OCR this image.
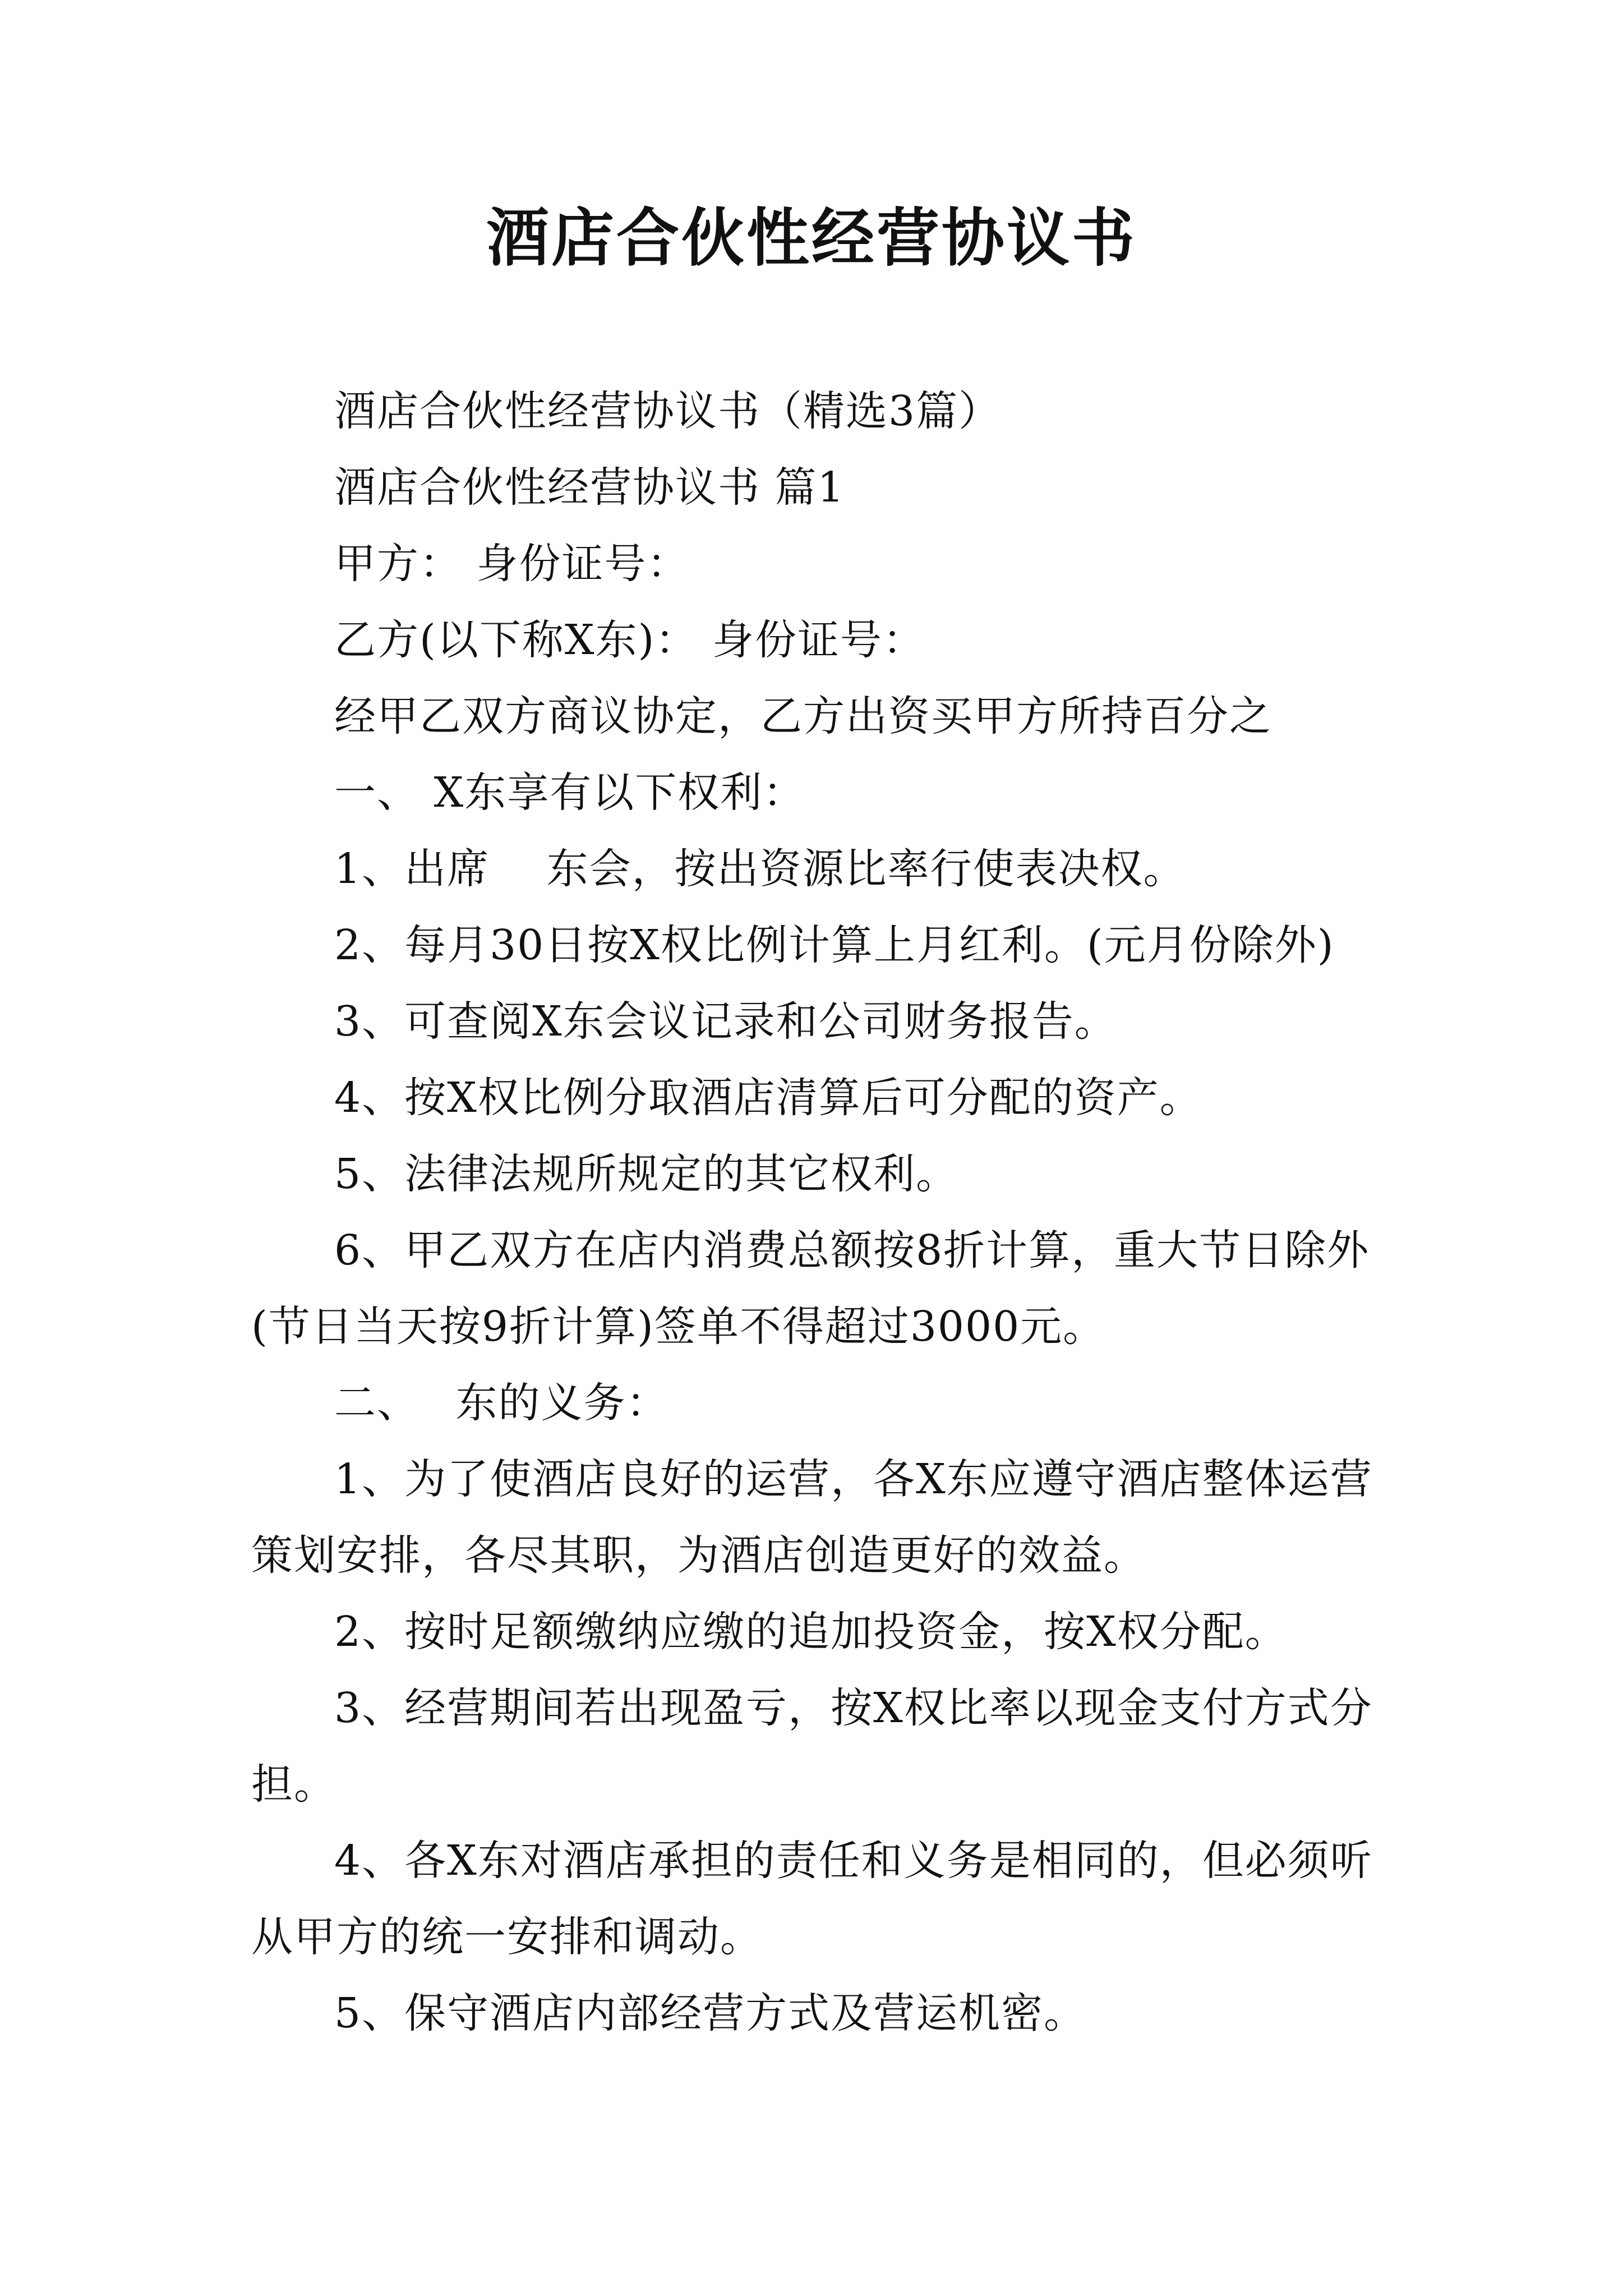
酒店合伙性经营协议书

酒店合伙性经营协议书（精选3篇）

酒店合伙性经营协议书 篇1

甲方： 身份证号：

乙方(以下称X东)： 身份证号：

经甲乙双方商议协定，乙方出资买甲方所持百分之

一、 X东享有以下权利：

1、出席　 东会，按出资源比率行使表决权。

2、每月30日按X权比例计算上月红利。(元月份除外)

3、可查阅X东会议记录和公司财务报告。

4、按X权比例分取酒店清算后可分配的资产。

5、法律法规所规定的其它权利。

6、甲乙双方在店内消费总额按8折计算，重大节日除外(节日当天按9折计算)签单不得超过3000元。

二、　 东的义务：

1、为了使酒店良好的运营，各X东应遵守酒店整体运营策划安排，各尽其职，为酒店创造更好的效益。

2、按时足额缴纳应缴的追加投资金，按X权分配。

3、经营期间若出现盈亏，按X权比率以现金支付方式分担。

4、各X东对酒店承担的责任和义务是相同的，但必须听从甲方的统一安排和调动。

5、保守酒店内部经营方式及营运机密。
